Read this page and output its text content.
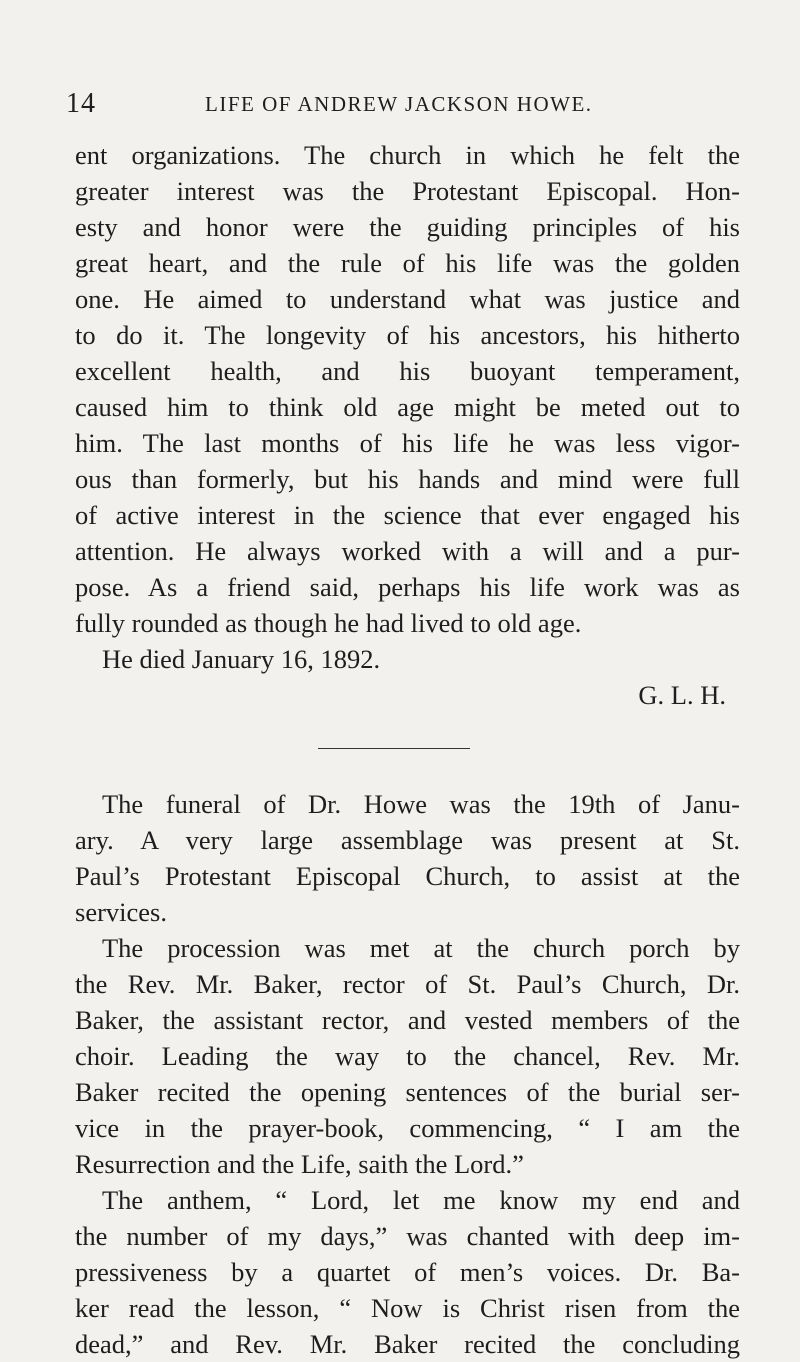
14	LIFE OF ANDREW JACKSON HOWE.
ent organizations. The church in which he felt the
greater interest was the Protestant Episcopal. Hon-
esty and honor were the guiding principles of his
great heart, and the rule of his life was the golden
one. He aimed to understand what was justice and
to do it. The longevity of his ancestors, his hitherto
excellent health, and his buoyant temperament,
caused him to think old age might be meted out to
him. The last months of his life he was less vigor-
ous than formerly, but his hands and mind were full
of active interest in the science that ever engaged his
attention. He always worked with a will and a pur-
pose. As a friend said, perhaps his life work was as
fully rounded as though he had lived to old age.
He died January 16, 1892.
G. L. H.
The funeral of Dr. Howe was the 19th of Janu-
ary. A very large assemblage was present at St.
Paul’s Protestant Episcopal Church, to assist at the
services.
The procession was met at the church porch by
the Rev. Mr. Baker, rector of St. Paul’s Church, Dr.
Baker, the assistant rector, and vested members of the
choir. Leading the way to the chancel, Rev. Mr.
Baker recited the opening sentences of the burial ser-
vice in the prayer-book, commencing, “ I am the
Resurrection and the Life, saith the Lord.”
The anthem, “ Lord, let me know my end and
the number of my days,” was chanted with deep im-
pressiveness by a quartet of men’s voices. Dr. Ba-
ker read the lesson, “ Now is Christ risen from the
dead,” and Rev. Mr. Baker recited the concluding
